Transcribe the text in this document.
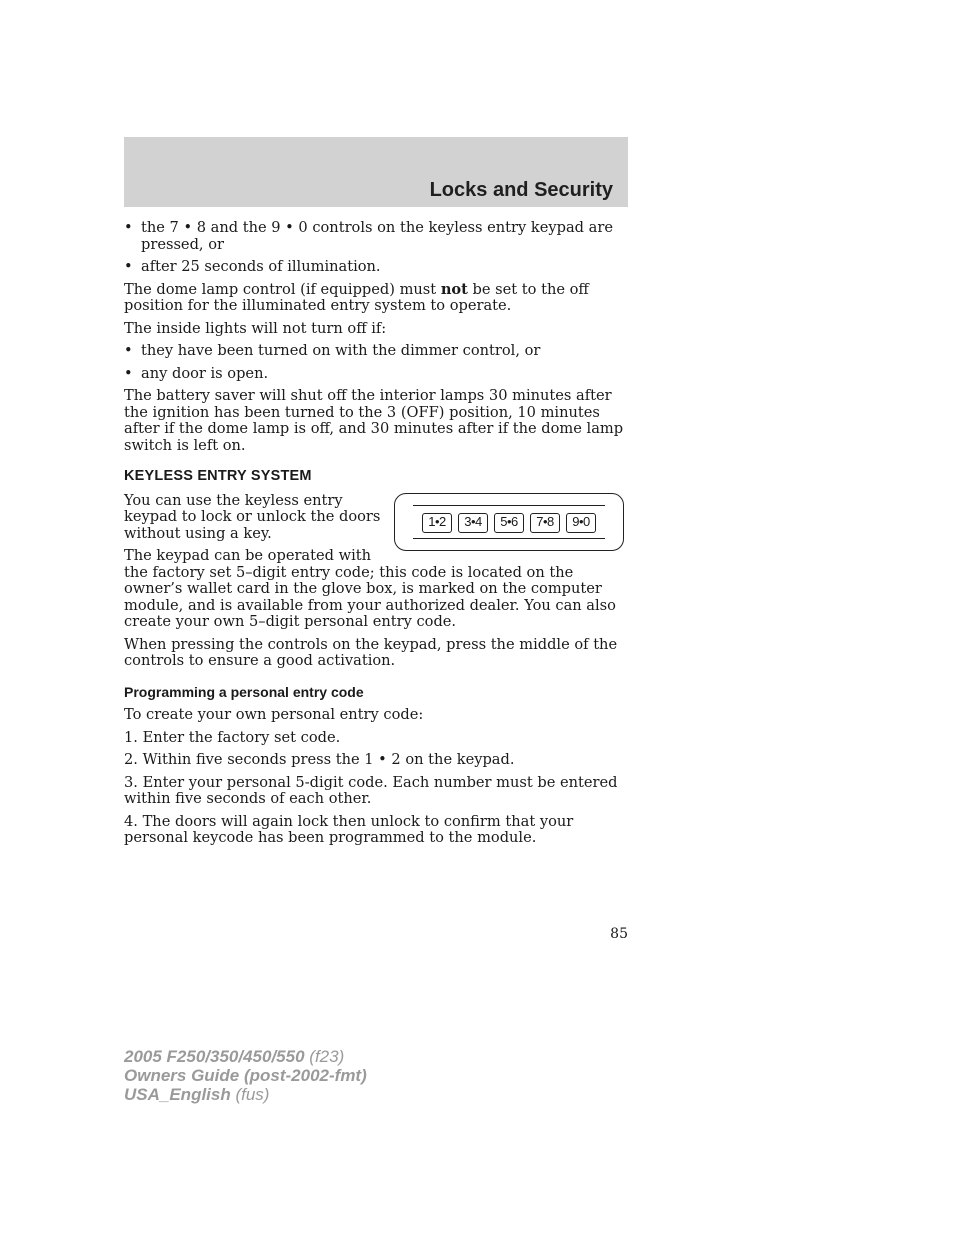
Locks and Security
• the 7 • 8 and the 9 • 0 controls on the keyless entry keypad are pressed, or
• after 25 seconds of illumination.

The dome lamp control (if equipped) must not be set to the off position for the illuminated entry system to operate.

The inside lights will not turn off if:

• they have been turned on with the dimmer control, or
• any door is open.

The battery saver will shut off the interior lamps 30 minutes after the ignition has been turned to the 3 (OFF) position, 10 minutes after if the dome lamp is off, and 30 minutes after if the dome lamp switch is left on.

KEYLESS ENTRY SYSTEM
1•2	3•4	5•6	7•8	9•0

You can use the keyless entry keypad to lock or unlock the doors without using a key.

The keypad can be operated with the factory set 5–digit entry code; this code is located on the owner’s wallet card in the glove box, is marked on the computer module, and is available from your authorized dealer. You can also create your own 5–digit personal entry code.

When pressing the controls on the keypad, press the middle of the controls to ensure a good activation.

Programming a personal entry code

To create your own personal entry code:

1. Enter the factory set code.

2. Within five seconds press the 1 • 2 on the keypad.

3. Enter your personal 5-digit code. Each number must be entered within five seconds of each other.

4. The doors will again lock then unlock to confirm that your personal keycode has been programmed to the module.

85
2005 F250/350/450/550 (f23)
Owners Guide (post-2002-fmt)
USA_English (fus)
